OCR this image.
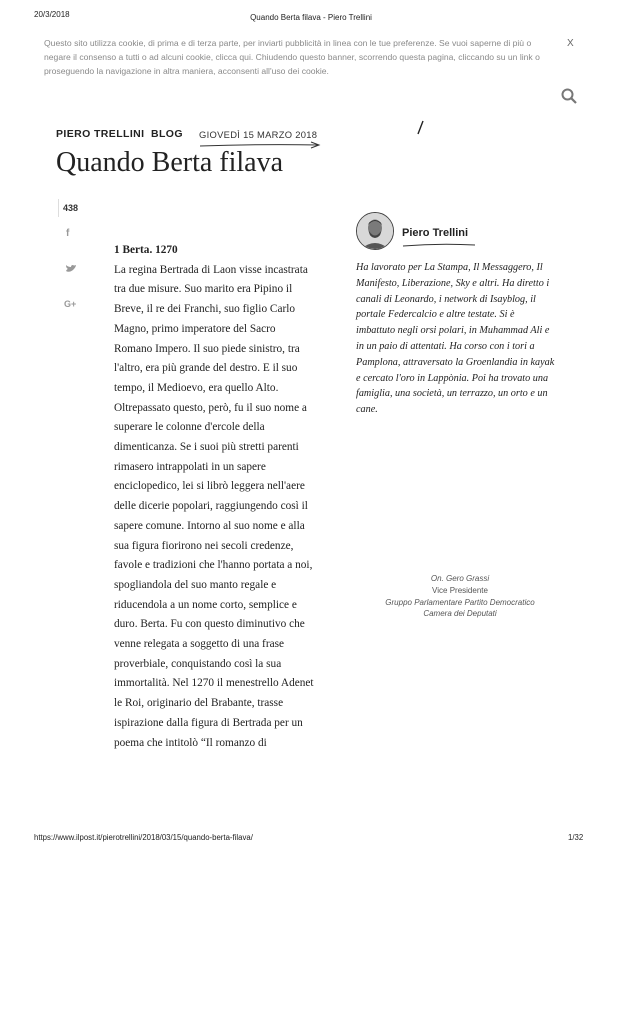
20/3/2018	Quando Berta filava - Piero Trellini
Questo sito utilizza cookie, di prima e di terza parte, per inviarti pubblicità in linea con le tue preferenze. Se vuoi saperne di più o negare il consenso a tutti o ad alcuni cookie, clicca qui. Chiudendo questo banner, scorrendo questa pagina, cliccando su un link o proseguendo la navigazione in altra maniera, acconsenti all'uso dei cookie.
X
PIERO TRELLINI BLOG GIOVEDÌ 15 MARZO 2018
Quando Berta filava
438
f
G+

1 Berta. 1270

La regina Bertrada di Laon visse incastrata tra due misure. Suo marito era Pipino il Breve, il re dei Franchi, suo figlio Carlo Magno, primo imperatore del Sacro Romano Impero. Il suo piede sinistro, tra l'altro, era più grande del destro. E il suo tempo, il Medioevo, era quello Alto. Oltrepassato questo, però, fu il suo nome a superare le colonne d'ercole della dimenticanza. Se i suoi più stretti parenti rimasero intrappolati in un sapere enciclopedico, lei si librò leggera nell'aere delle dicerie popolari, raggiungendo così il sapere comune. Intorno al suo nome e alla sua figura fiorirono nei secoli credenze, favole e tradizioni che l'hanno portata a noi, spogliandola del suo manto regale e riducendola a un nome corto, semplice e duro. Berta. Fu con questo diminutivo che venne relegata a soggetto di una frase proverbiale, conquistando così la sua immortalità. Nel 1270 il menestrello Adenet le Roi, originario del Brabante, trasse ispirazione dalla figura di Bertrada per un poema che intitolò “Il romanzo di

Piero Trellini
Ha lavorato per La Stampa, Il Messaggero, Il Manifesto, Liberazione, Sky e altri. Ha diretto i canali di Leonardo, i network di Isayblog, il portale Federcalcio e altre testate. Si è imbattuto negli orsi polari, in Muhammad Ali e in un paio di attentati. Ha corso con i tori a Pamplona, attraversato la Groenlandia in kayak e cercato l'oro in Lappònia. Poi ha trovato una famiglia, una società, un terrazzo, un orto e un cane.
On. Gero Grassi
Vice Presidente
Gruppo Parlamentare Partito Democratico
Camera dei Deputati
https://www.ilpost.it/pierotrellini/2018/03/15/quando-berta-filava/	1/32
